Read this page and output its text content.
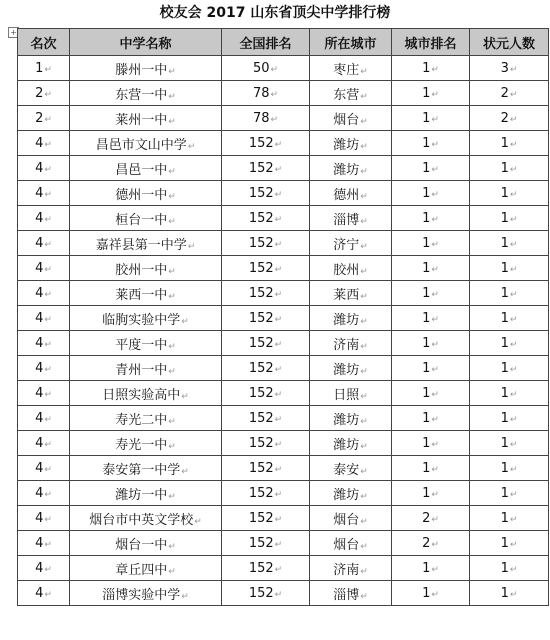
校友会 2017 山东省顶尖中学排行榜
+
名次	中学名称	全国排名	所在城市	城市排名	状元人数
1↵	滕州一中↵	50↵	枣庄↵	1↵	3↵
2↵	东营一中↵	78↵	东营↵	1↵	2↵
2↵	莱州一中↵	78↵	烟台↵	1↵	2↵
4↵	昌邑市文山中学↵	152↵	潍坊↵	1↵	1↵
4↵	昌邑一中↵	152↵	潍坊↵	1↵	1↵
4↵	德州一中↵	152↵	德州↵	1↵	1↵
4↵	桓台一中↵	152↵	淄博↵	1↵	1↵
4↵	嘉祥县第一中学↵	152↵	济宁↵	1↵	1↵
4↵	胶州一中↵	152↵	胶州↵	1↵	1↵
4↵	莱西一中↵	152↵	莱西↵	1↵	1↵
4↵	临朐实验中学↵	152↵	潍坊↵	1↵	1↵
4↵	平度一中↵	152↵	济南↵	1↵	1↵
4↵	青州一中↵	152↵	潍坊↵	1↵	1↵
4↵	日照实验高中↵	152↵	日照↵	1↵	1↵
4↵	寿光二中↵	152↵	潍坊↵	1↵	1↵
4↵	寿光一中↵	152↵	潍坊↵	1↵	1↵
4↵	泰安第一中学↵	152↵	泰安↵	1↵	1↵
4↵	潍坊一中↵	152↵	潍坊↵	1↵	1↵
4↵	烟台市中英文学校↵	152↵	烟台↵	2↵	1↵
4↵	烟台一中↵	152↵	烟台↵	2↵	1↵
4↵	章丘四中↵	152↵	济南↵	1↵	1↵
4↵	淄博实验中学↵	152↵	淄博↵	1↵	1↵
